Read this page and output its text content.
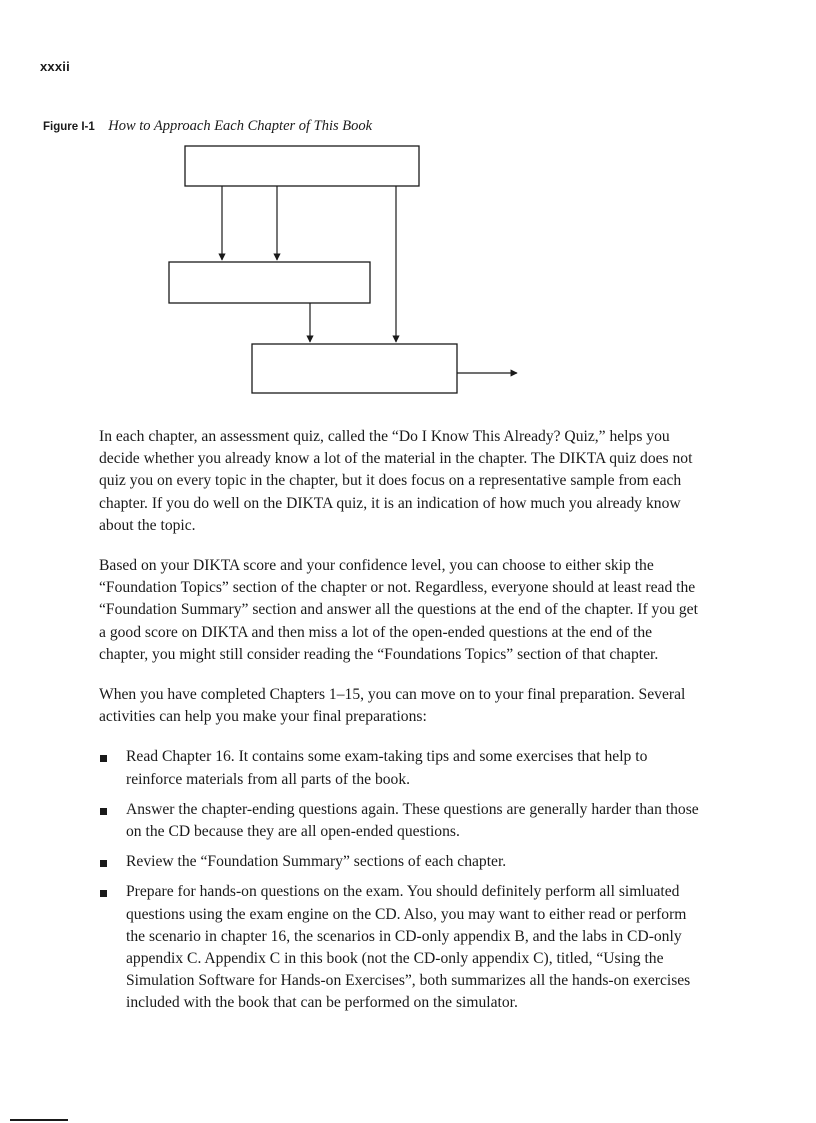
xxxii
Figure I-1 How to Approach Each Chapter of This Book

In each chapter, an assessment quiz, called the “Do I Know This Already? Quiz,” helps you decide whether you already know a lot of the material in the chapter. The DIKTA quiz does not quiz you on every topic in the chapter, but it does focus on a representative sample from each chapter. If you do well on the DIKTA quiz, it is an indication of how much you already know about the topic.

Based on your DIKTA score and your confidence level, you can choose to either skip the “Foundation Topics” section of the chapter or not. Regardless, everyone should at least read the “Foundation Summary” section and answer all the questions at the end of the chapter. If you get a good score on DIKTA and then miss a lot of the open-ended questions at the end of the chapter, you might still consider reading the “Foundations Topics” section of that chapter.

When you have completed Chapters 1–15, you can move on to your final preparation. Several activities can help you make your final preparations:

Read Chapter 16. It contains some exam-taking tips and some exercises that help to reinforce materials from all parts of the book.
Answer the chapter-ending questions again. These questions are generally harder than those on the CD because they are all open-ended questions.
Review the “Foundation Summary” sections of each chapter.
Prepare for hands-on questions on the exam. You should definitely perform all simluated questions using the exam engine on the CD. Also, you may want to either read or perform the scenario in chapter 16, the scenarios in CD-only appendix B, and the labs in CD-only appendix C. Appendix C in this book (not the CD-only appendix C), titled, “Using the Simulation Software for Hands-on Exercises”, both summarizes all the hands-on exercises included with the book that can be performed on the simulator.
